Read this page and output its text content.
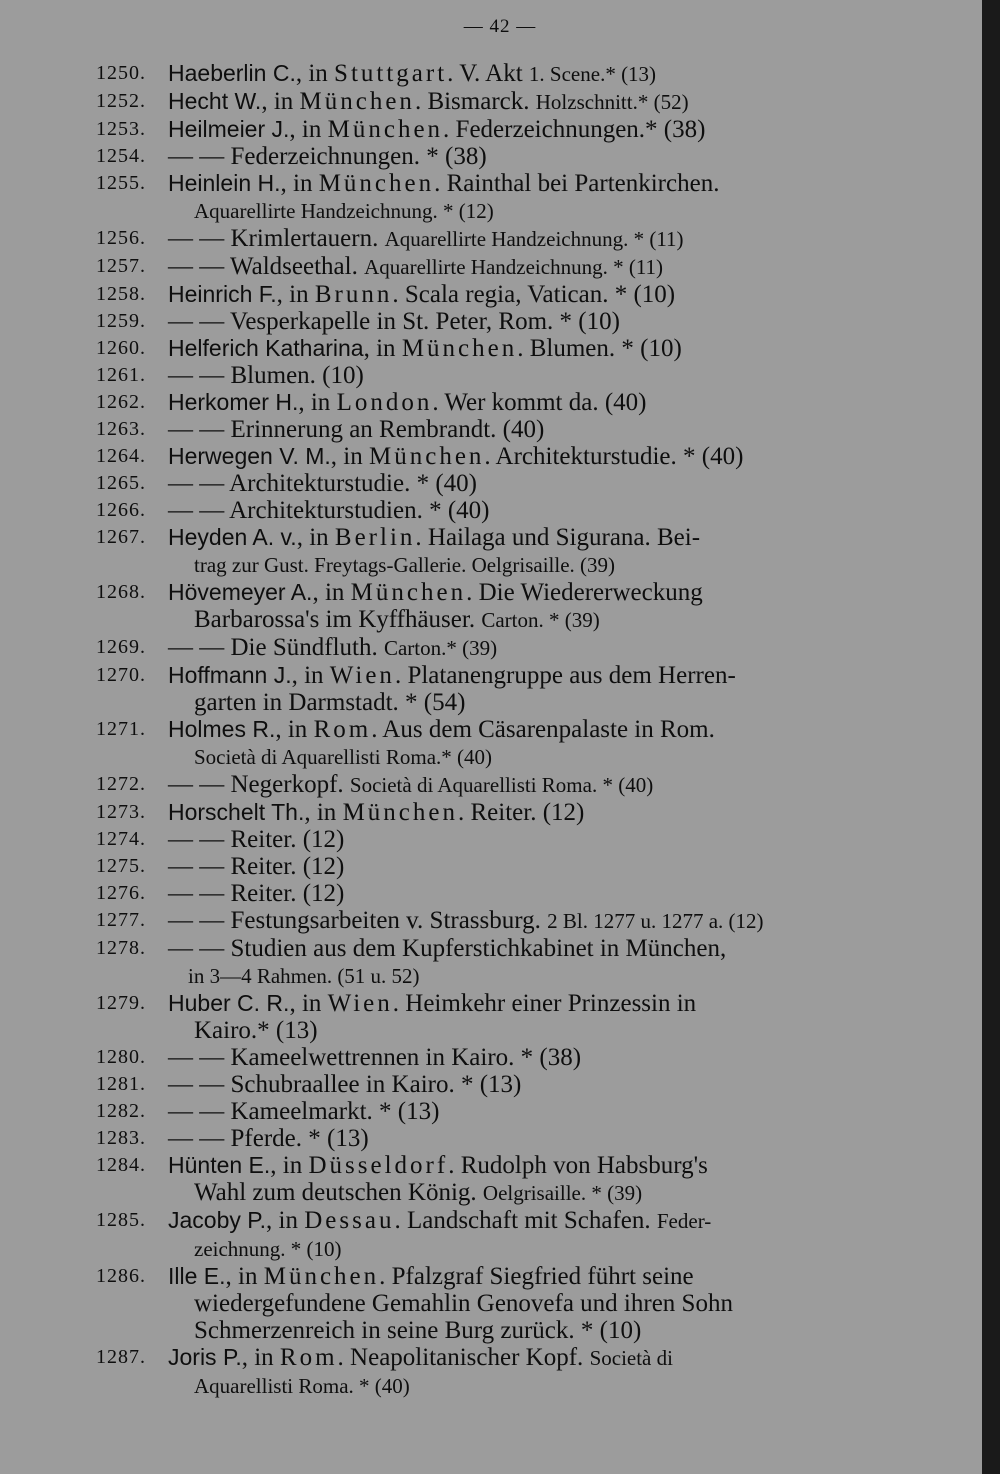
— 42 —
1250. Haeberlin C., in Stuttgart. V. Akt 1. Scene.* (13)
1252. Hecht W., in München. Bismarck. Holzschnitt.* (52)
1253. Heilmeier J., in München. Federzeichnungen.* (38)
1254. — — Federzeichnungen. * (38)
1255. Heinlein H., in München. Rainthal bei Partenkirchen.
Aquarellirte Handzeichnung. * (12)
1256. — — Krimlertauern. Aquarellirte Handzeichnung. * (11)
1257. — — Waldseethal. Aquarellirte Handzeichnung. * (11)
1258. Heinrich F., in Brunn. Scala regia, Vatican. * (10)
1259. — — Vesperkapelle in St. Peter, Rom. * (10)
1260. Helferich Katharina, in München. Blumen. * (10)
1261. — — Blumen. (10)
1262. Herkomer H., in London. Wer kommt da. (40)
1263. — — Erinnerung an Rembrandt. (40)
1264. Herwegen V. M., in München. Architekturstudie. * (40)
1265. — — Architekturstudie. * (40)
1266. — — Architekturstudien. * (40)
1267. Heyden A. v., in Berlin. Hailaga und Sigurana. Bei-
trag zur Gust. Freytags-Gallerie. Oelgrisaille. (39)
1268. Hövemeyer A., in München. Die Wiedererweckung
Barbarossa's im Kyffhäuser. Carton. * (39)
1269. — — Die Sündfluth. Carton.* (39)
1270. Hoffmann J., in Wien. Platanengruppe aus dem Herren-
garten in Darmstadt. * (54)
1271. Holmes R., in Rom. Aus dem Cäsarenpalaste in Rom.
Società di Aquarellisti Roma.* (40)
1272. — — Negerkopf. Società di Aquarellisti Roma. * (40)
1273. Horschelt Th., in München. Reiter. (12)
1274. — — Reiter. (12)
1275. — — Reiter. (12)
1276. — — Reiter. (12)
1277. — — Festungsarbeiten v. Strassburg. 2 Bl. 1277 u. 1277 a. (12)
1278. — — Studien aus dem Kupferstichkabinet in München,
in 3—4 Rahmen. (51 u. 52)
1279. Huber C. R., in Wien. Heimkehr einer Prinzessin in
Kairo.* (13)
1280. — — Kameelwettrennen in Kairo. * (38)
1281. — — Schubraallee in Kairo. * (13)
1282. — — Kameelmarkt. * (13)
1283. — — Pferde. * (13)
1284. Hünten E., in Düsseldorf. Rudolph von Habsburg's
Wahl zum deutschen König. Oelgrisaille. * (39)
1285. Jacoby P., in Dessau. Landschaft mit Schafen. Feder-
zeichnung. * (10)
1286. Ille E., in München. Pfalzgraf Siegfried führt seine
wiedergefundene Gemahlin Genovefa und ihren Sohn
Schmerzenreich in seine Burg zurück. * (10)
1287. Joris P., in Rom. Neapolitanischer Kopf. Società di
Aquarellisti Roma. * (40)
